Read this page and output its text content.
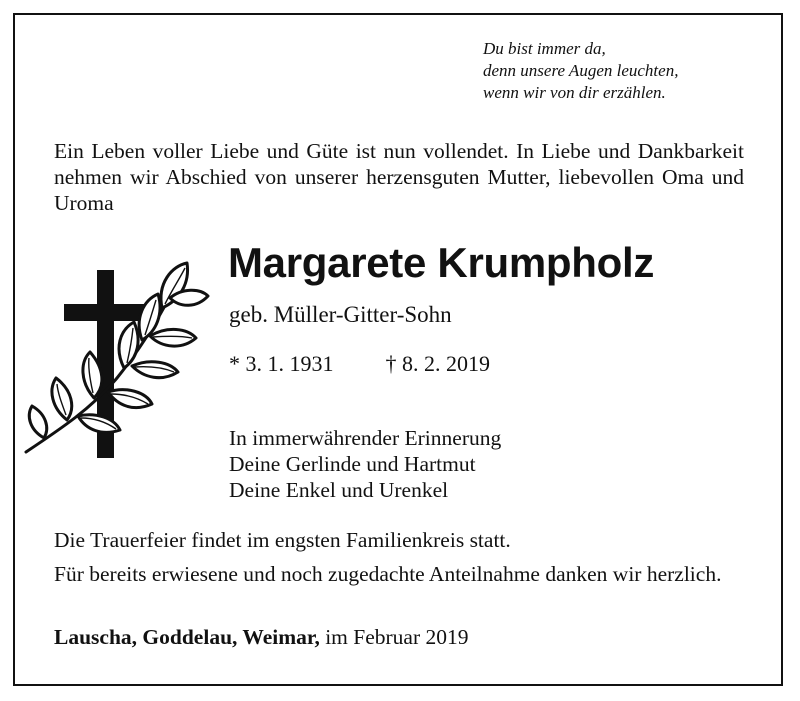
Du bist immer da,
denn unsere Augen leuchten,
wenn wir von dir erzählen.
Ein Leben voller Liebe und Güte ist nun vollendet. In Liebe und Dankbarkeit nehmen wir Abschied von unserer herzensguten Mutter, liebevollen Oma und Uroma
Margarete Krumpholz
geb. Müller-Gitter-Sohn
* 3. 1. 1931 † 8. 2. 2019
In immerwährender Erinnerung
Deine Gerlinde und Hartmut
Deine Enkel und Urenkel
Die Trauerfeier findet im engsten Familienkreis statt.
Für bereits erwiesene und noch zugedachte Anteilnahme danken wir herzlich.
Lauscha, Goddelau, Weimar, im Februar 2019
